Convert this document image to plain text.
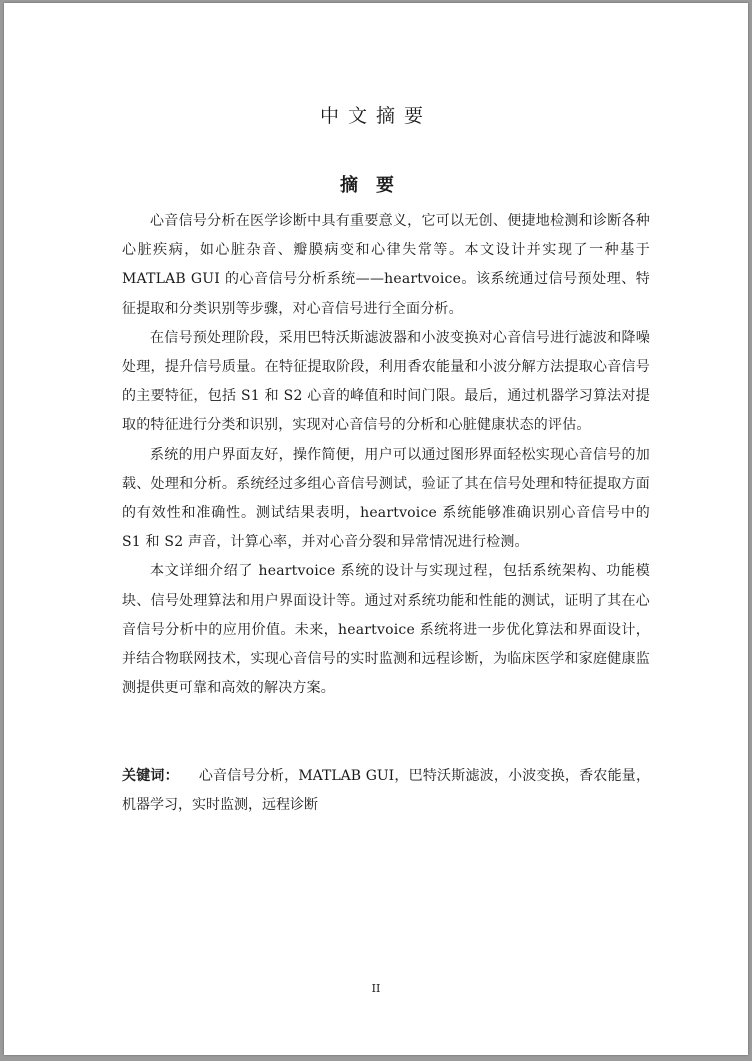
中文摘要
摘要

心音信号分析在医学诊断中具有重要意义，它可以无创、便捷地检测和诊断各种心脏疾病，如心脏杂音、瓣膜病变和心律失常等。本文设计并实现了一种基于 MATLAB GUI 的心音信号分析系统——heartvoice。该系统通过信号预处理、特征提取和分类识别等步骤，对心音信号进行全面分析。

在信号预处理阶段，采用巴特沃斯滤波器和小波变换对心音信号进行滤波和降噪处理，提升信号质量。在特征提取阶段，利用香农能量和小波分解方法提取心音信号的主要特征，包括 S1 和 S2 心音的峰值和时间门限。最后，通过机器学习算法对提取的特征进行分类和识别，实现对心音信号的分析和心脏健康状态的评估。

系统的用户界面友好，操作简便，用户可以通过图形界面轻松实现心音信号的加载、处理和分析。系统经过多组心音信号测试，验证了其在信号处理和特征提取方面的有效性和准确性。测试结果表明，heartvoice 系统能够准确识别心音信号中的 S1 和 S2 声音，计算心率，并对心音分裂和异常情况进行检测。

本文详细介绍了 heartvoice 系统的设计与实现过程，包括系统架构、功能模块、信号处理算法和用户界面设计等。通过对系统功能和性能的测试，证明了其在心音信号分析中的应用价值。未来，heartvoice 系统将进一步优化算法和界面设计，并结合物联网技术，实现心音信号的实时监测和远程诊断，为临床医学和家庭健康监测提供更可靠和高效的解决方案。

关键词： 心音信号分析，MATLAB GUI，巴特沃斯滤波，小波变换，香农能量，机器学习，实时监测，远程诊断
II
